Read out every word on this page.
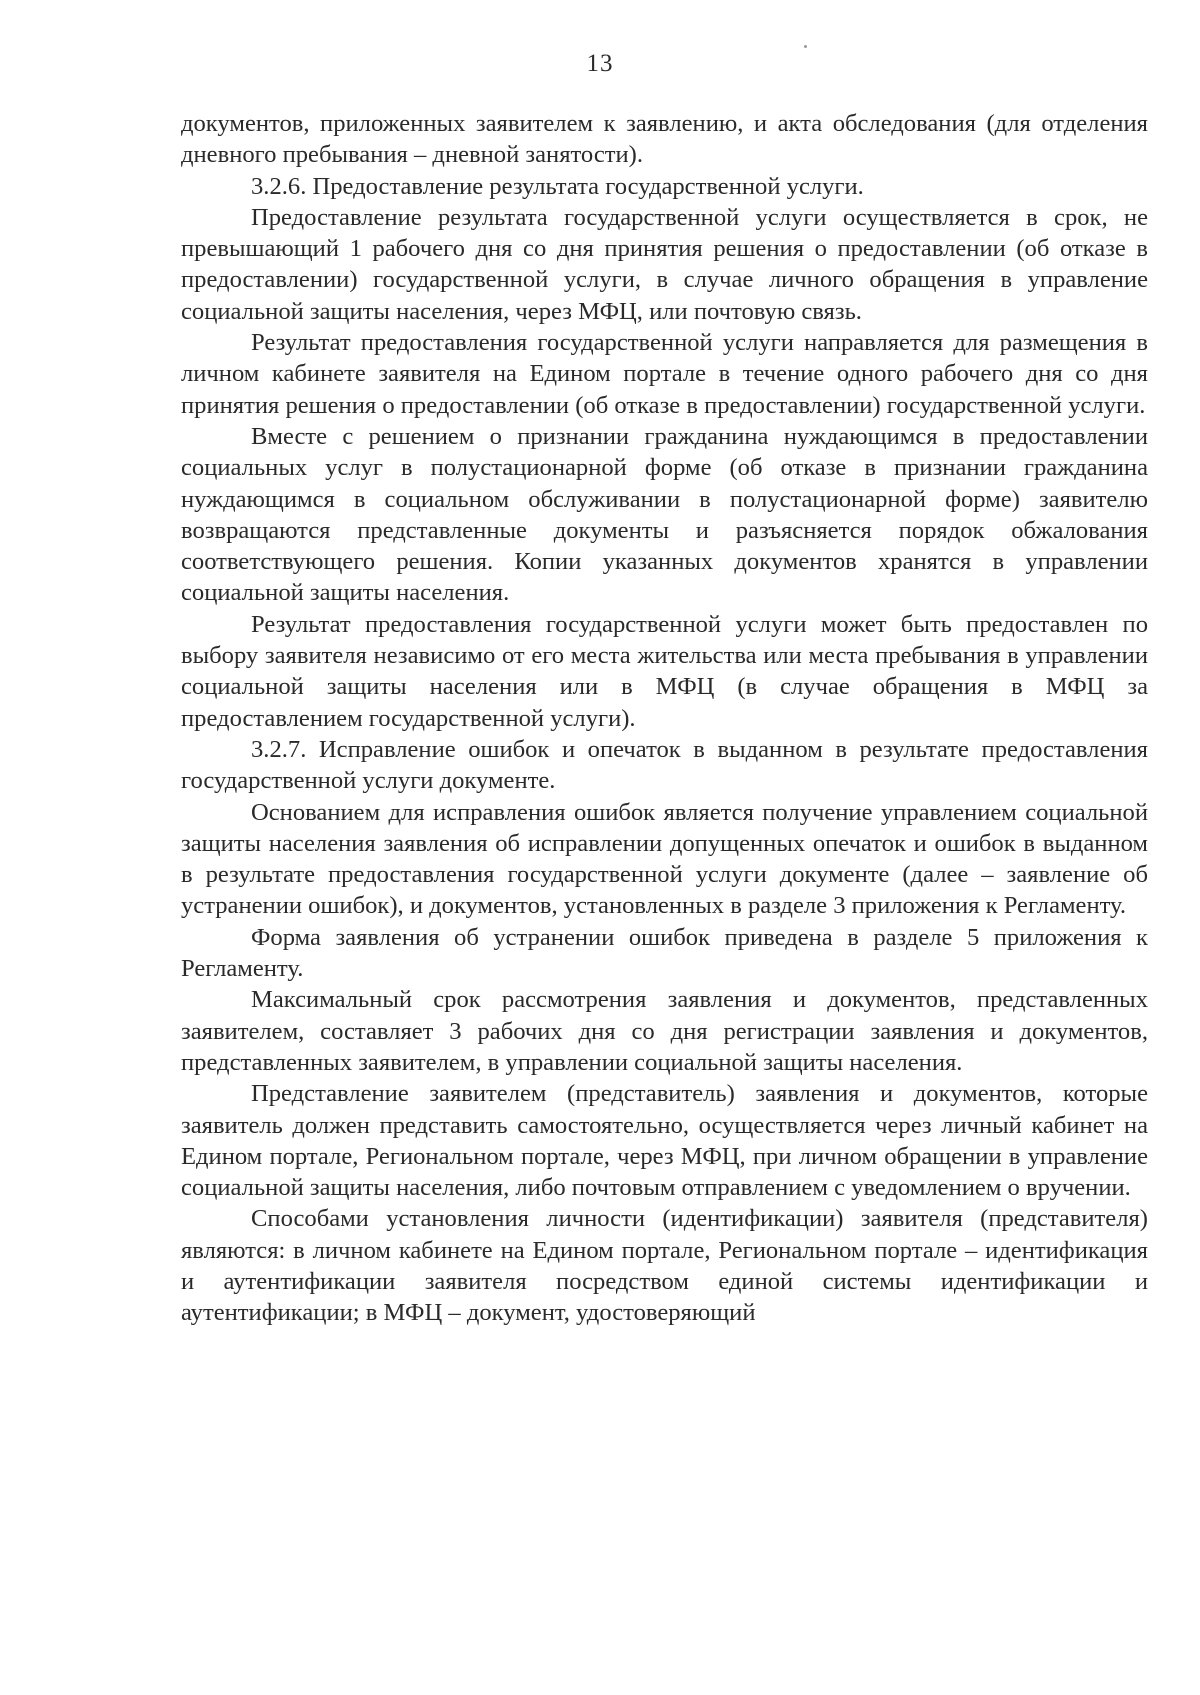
13

документов, приложенных заявителем к заявлению, и акта обследования (для отделения дневного пребывания – дневной занятости).

3.2.6. Предоставление результата государственной услуги.

Предоставление результата государственной услуги осуществляется в срок, не превышающий 1 рабочего дня со дня принятия решения о предоставлении (об отказе в предоставлении) государственной услуги, в случае личного обращения в управление социальной защиты населения, через МФЦ, или почтовую связь.

Результат предоставления государственной услуги направляется для размещения в личном кабинете заявителя на Едином портале в течение одного рабочего дня со дня принятия решения о предоставлении (об отказе в предоставлении) государственной услуги.

Вместе с решением о признании гражданина нуждающимся в предоставлении социальных услуг в полустационарной форме (об отказе в признании гражданина нуждающимся в социальном обслуживании в полустационарной форме) заявителю возвращаются представленные документы и разъясняется порядок обжалования соответствующего решения. Копии указанных документов хранятся в управлении социальной защиты населения.

Результат предоставления государственной услуги может быть предоставлен по выбору заявителя независимо от его места жительства или места пребывания в управлении социальной защиты населения или в МФЦ (в случае обращения в МФЦ за предоставлением государственной услуги).

3.2.7. Исправление ошибок и опечаток в выданном в результате предоставления государственной услуги документе.

Основанием для исправления ошибок является получение управлением социальной защиты населения заявления об исправлении допущенных опечаток и ошибок в выданном в результате предоставления государственной услуги документе (далее – заявление об устранении ошибок), и документов, установленных в разделе 3 приложения к Регламенту.

Форма заявления об устранении ошибок приведена в разделе 5 приложения к Регламенту.

Максимальный срок рассмотрения заявления и документов, представленных заявителем, составляет 3 рабочих дня со дня регистрации заявления и документов, представленных заявителем, в управлении социальной защиты населения.

Представление заявителем (представитель) заявления и документов, которые заявитель должен представить самостоятельно, осуществляется через личный кабинет на Едином портале, Региональном портале, через МФЦ, при личном обращении в управление социальной защиты населения, либо почтовым отправлением с уведомлением о вручении.

Способами установления личности (идентификации) заявителя (представителя) являются: в личном кабинете на Едином портале, Региональном портале – идентификация и аутентификации заявителя посредством единой системы идентификации и аутентификации; в МФЦ – документ, удостоверяющий
